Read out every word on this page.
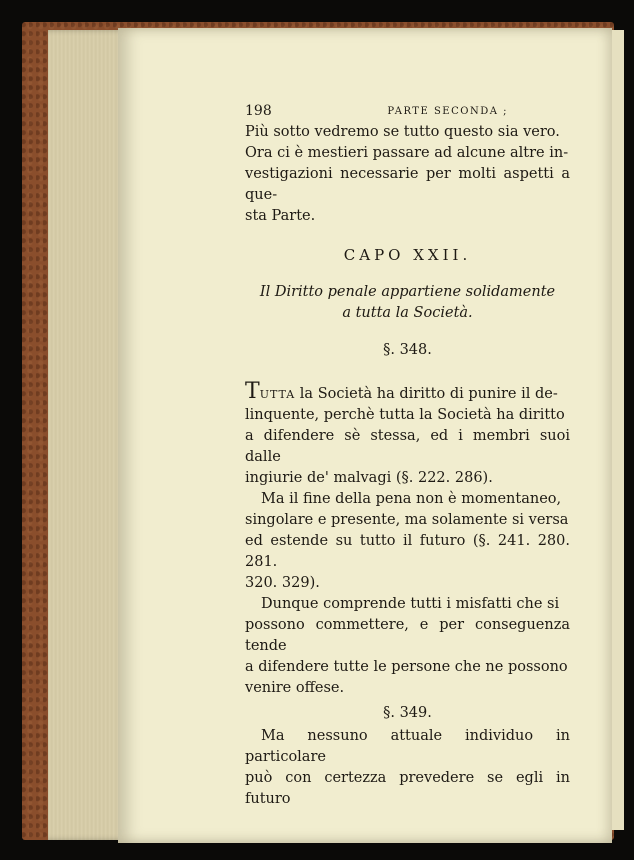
198	PARTE SECONDA ;

Più sotto vedremo se tutto questo sia vero.

Ora ci è mestieri passare ad alcune altre in-

vestigazioni necessarie per molti aspetti a que-

sta Parte.

CAPO XXII.

Il Diritto penale appartiene solidamente

a tutta la Società.

§. 348.

TUTTA la Società ha diritto di punire il de-

linquente, perchè tutta la Società ha diritto

a difendere sè stessa, ed i membri suoi dalle

ingiurie de' malvagi (§. 222. 286).

Ma il fine della pena non è momentaneo,

singolare e presente, ma solamente si versa

ed estende su tutto il futuro (§. 241. 280. 281.

320. 329).

Dunque comprende tutti i misfatti che si

possono commettere, e per conseguenza tende

a difendere tutte le persone che ne possono

venire offese.

§. 349.

Ma nessuno attuale individuo in particolare

può con certezza prevedere se egli in futuro
